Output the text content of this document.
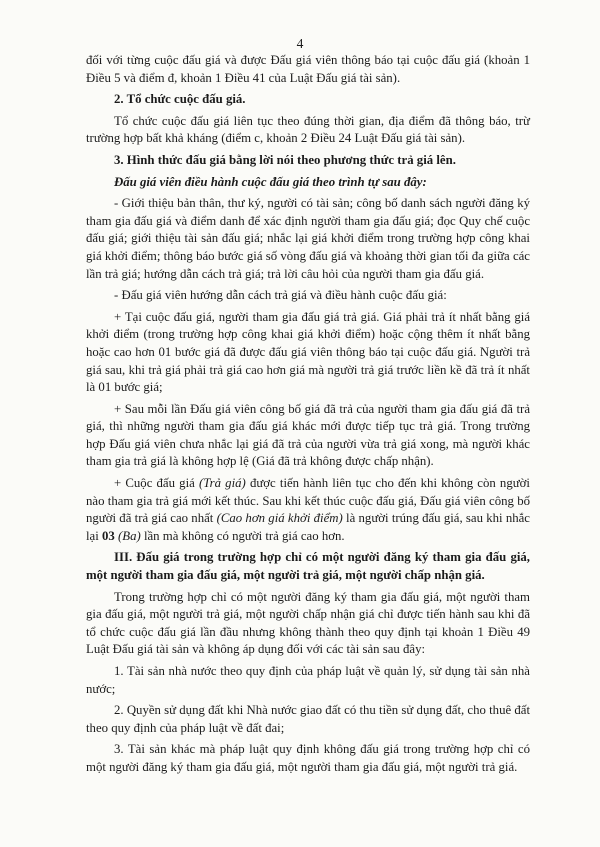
4

đối với từng cuộc đấu giá và được Đấu giá viên thông báo tại cuộc đấu giá (khoản 1 Điều 5 và điểm đ, khoản 1 Điều 41 của Luật Đấu giá tài sản).

2. Tổ chức cuộc đấu giá.

Tổ chức cuộc đấu giá liên tục theo đúng thời gian, địa điểm đã thông báo, trừ trường hợp bất khả kháng (điểm c, khoản 2 Điều 24 Luật Đấu giá tài sản).

3. Hình thức đấu giá bằng lời nói theo phương thức trả giá lên.

Đấu giá viên điều hành cuộc đấu giá theo trình tự sau đây:

- Giới thiệu bản thân, thư ký, người có tài sản; công bố danh sách người đăng ký tham gia đấu giá và điểm danh để xác định người tham gia đấu giá; đọc Quy chế cuộc đấu giá; giới thiệu tài sản đấu giá; nhắc lại giá khởi điểm trong trường hợp công khai giá khởi điểm; thông báo bước giá số vòng đấu giá và khoảng thời gian tối đa giữa các lần trả giá; hướng dẫn cách trả giá; trả lời câu hỏi của người tham gia đấu giá.

- Đấu giá viên hướng dẫn cách trả giá và điều hành cuộc đấu giá:

+ Tại cuộc đấu giá, người tham gia đấu giá trả giá. Giá phải trả ít nhất bằng giá khởi điểm (trong trường hợp công khai giá khởi điểm) hoặc cộng thêm ít nhất bằng hoặc cao hơn 01 bước giá đã được đấu giá viên thông báo tại cuộc đấu giá. Người trả giá sau, khi trả giá phải trả giá cao hơn giá mà người trả giá trước liền kề đã trả ít nhất là 01 bước giá;

+ Sau mỗi lần Đấu giá viên công bố giá đã trả của người tham gia đấu giá đã trả giá, thì những người tham gia đấu giá khác mới được tiếp tục trả giá. Trong trường hợp Đấu giá viên chưa nhắc lại giá đã trả của người vừa trả giá xong, mà người khác tham gia trả giá là không hợp lệ (Giá đã trả không được chấp nhận).

+ Cuộc đấu giá (Trả giá) được tiến hành liên tục cho đến khi không còn người nào tham gia trả giá mới kết thúc. Sau khi kết thúc cuộc đấu giá, Đấu giá viên công bố người đã trả giá cao nhất (Cao hơn giá khởi điểm) là người trúng đấu giá, sau khi nhắc lại 03 (Ba) lần mà không có người trả giá cao hơn.

III. Đấu giá trong trường hợp chỉ có một người đăng ký tham gia đấu giá, một người tham gia đấu giá, một người trả giá, một người chấp nhận giá.

Trong trường hợp chỉ có một người đăng ký tham gia đấu giá, một người tham gia đấu giá, một người trả giá, một người chấp nhận giá chỉ được tiến hành sau khi đã tổ chức cuộc đấu giá lần đầu nhưng không thành theo quy định tại khoản 1 Điều 49 Luật Đấu giá tài sản và không áp dụng đối với các tài sản sau đây:

1. Tài sản nhà nước theo quy định của pháp luật về quản lý, sử dụng tài sản nhà nước;

2. Quyền sử dụng đất khi Nhà nước giao đất có thu tiền sử dụng đất, cho thuê đất theo quy định của pháp luật về đất đai;

3. Tài sản khác mà pháp luật quy định không đấu giá trong trường hợp chỉ có một người đăng ký tham gia đấu giá, một người tham gia đấu giá, một người trả giá.
